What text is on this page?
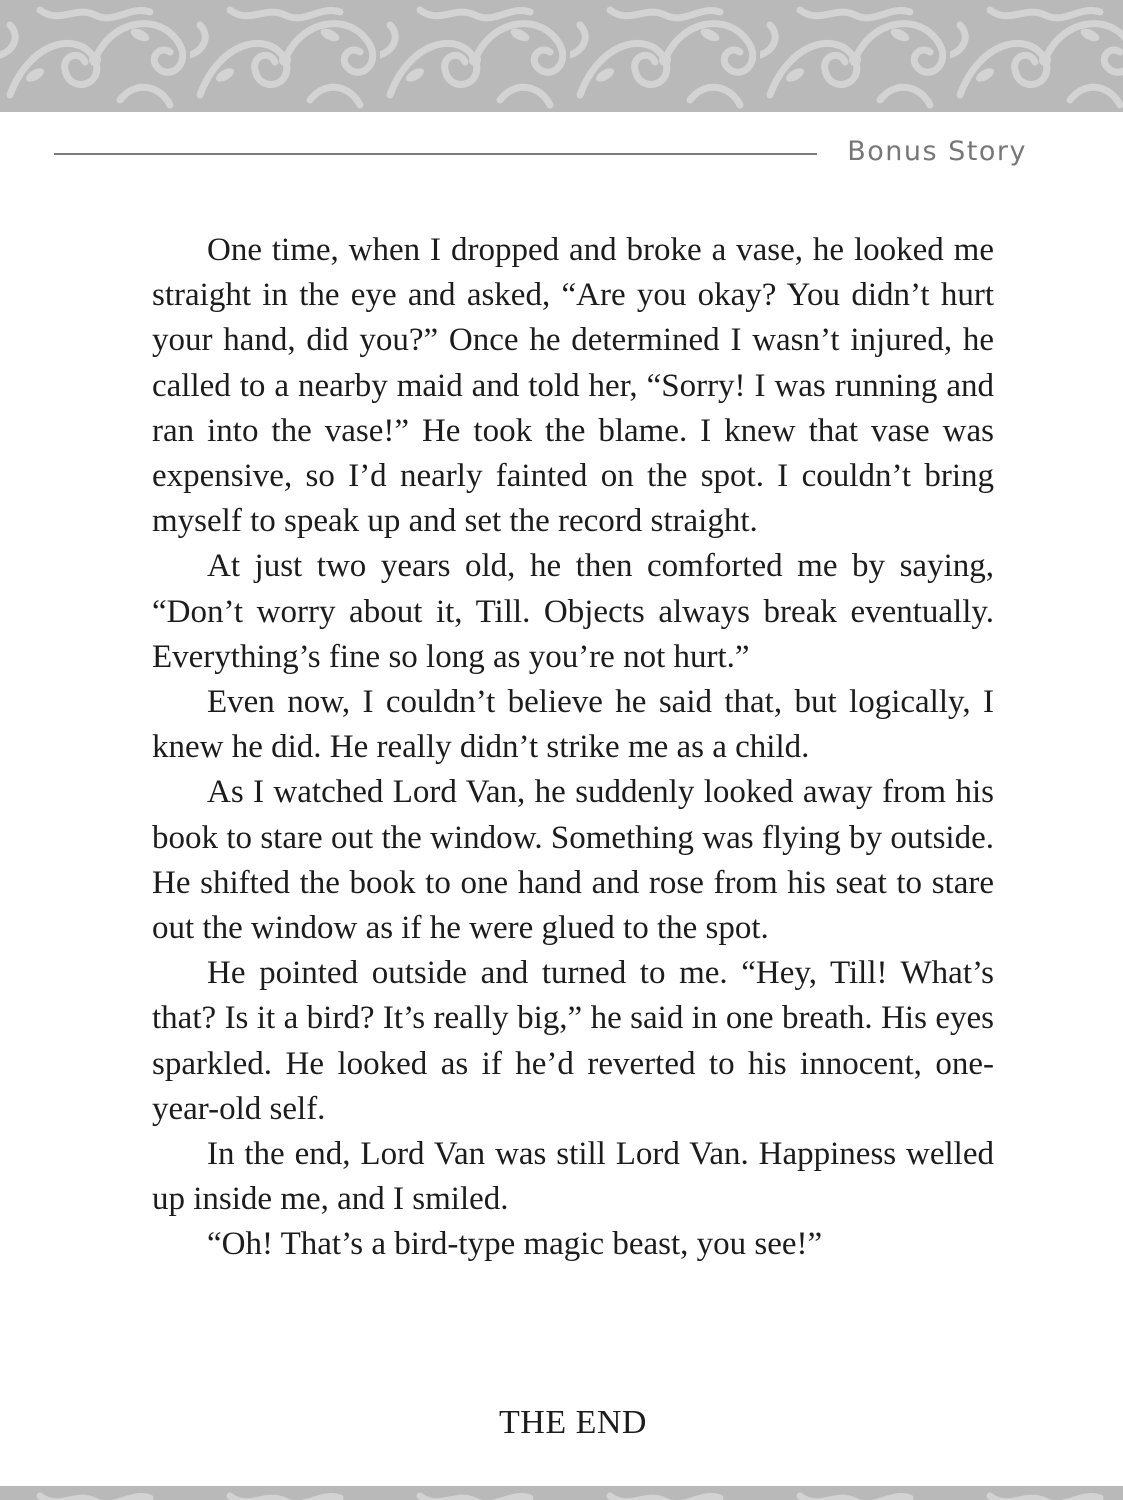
Bonus Story

One time, when I dropped and broke a vase, he looked me straight in the eye and asked, “Are you okay? You didn’t hurt your hand, did you?” Once he determined I wasn’t injured, he called to a nearby maid and told her, “Sorry! I was running and ran into the vase!” He took the blame. I knew that vase was expensive, so I’d nearly fainted on the spot. I couldn’t bring myself to speak up and set the record straight.

At just two years old, he then comforted me by saying, “Don’t worry about it, Till. Objects always break eventually. Everything’s fine so long as you’re not hurt.”

Even now, I couldn’t believe he said that, but logically, I knew he did. He really didn’t strike me as a child.

As I watched Lord Van, he suddenly looked away from his book to stare out the window. Something was flying by outside. He shifted the book to one hand and rose from his seat to stare out the window as if he were glued to the spot.

He pointed outside and turned to me. “Hey, Till! What’s that? Is it a bird? It’s really big,” he said in one breath. His eyes sparkled. He looked as if he’d reverted to his innocent, one-year-old self.

In the end, Lord Van was still Lord Van. Happiness welled up inside me, and I smiled.

“Oh! That’s a bird-type magic beast, you see!”

THE END
